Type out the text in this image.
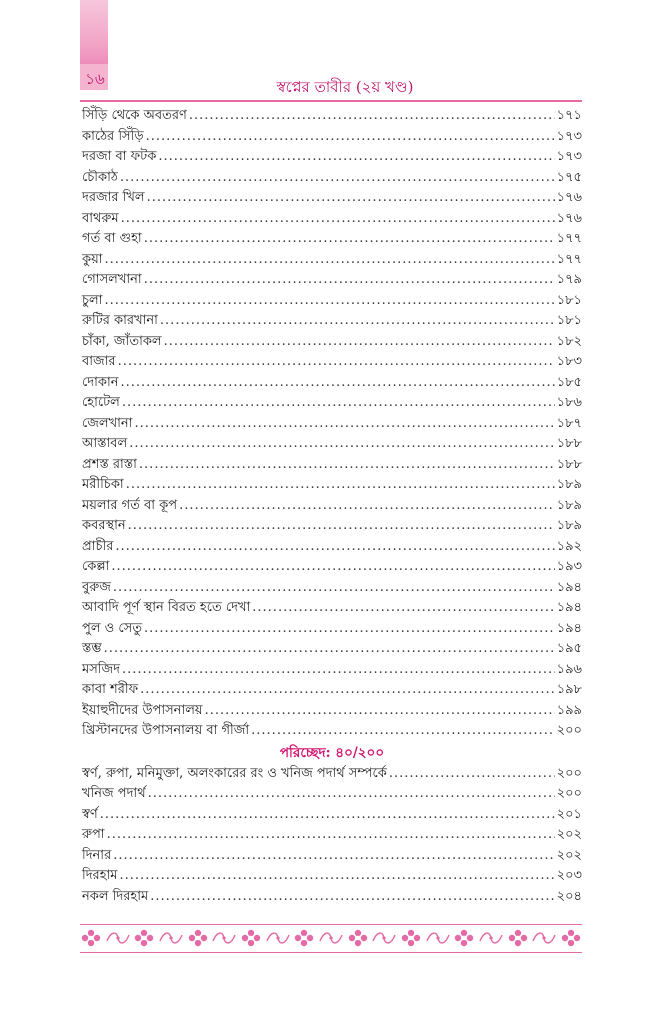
১৬	স্বপ্নের তাবীর (২য় খণ্ড)
সিঁড়ি থেকে অবতরণ .....	১৭১
কাঠের সিঁড়ি .....	১৭৩
দরজা বা ফটক .....	১৭৩
চৌকাঠ .....	১৭৫
দরজার খিল .....	১৭৬
বাথরুম .....	১৭৬
গর্ত বা গুহা .....	১৭৭
কুয়া .....	১৭৭
গোসলখানা .....	১৭৯
চুলা .....	১৮১
রুটির কারখানা .....	১৮১
চাঁকা, জাঁতাকল .....	১৮২
বাজার .....	১৮৩
দোকান .....	১৮৫
হোটেল .....	১৮৬
জেলখানা .....	১৮৭
আস্তাবল .....	১৮৮
প্রশস্ত রাস্তা .....	১৮৮
মরীচিকা .....	১৮৯
ময়লার গর্ত বা কূপ .....	১৮৯
কবরস্থান .....	১৮৯
প্রাচীর .....	১৯২
কেল্লা .....	১৯৩
বুরুজ .....	১৯৪
আবাদি পূর্ণ স্থান বিরত হতে দেখা .....	১৯৪
পুল ও সেতু .....	১৯৪
স্তম্ভ .....	১৯৫
মসজিদ .....	১৯৬
কাবা শরীফ .....	১৯৮
ইয়াহুদীদের উপাসনালয় .....	১৯৯
খ্রিস্টানদের উপাসনালয় বা গীর্জা .....	২০০
পরিচ্ছেদ: ৪০/২০০
স্বর্ণ, রুপা, মনিমুক্তা, অলংকারের রং ও খনিজ পদার্থ সম্পর্কে .....	২০০
খনিজ পদার্থ .....	২০০
স্বর্ণ .....	২০১
রুপা .....	২০২
দিনার .....	২০২
দিরহাম .....	২০৩
নকল দিরহাম .....	২০৪
